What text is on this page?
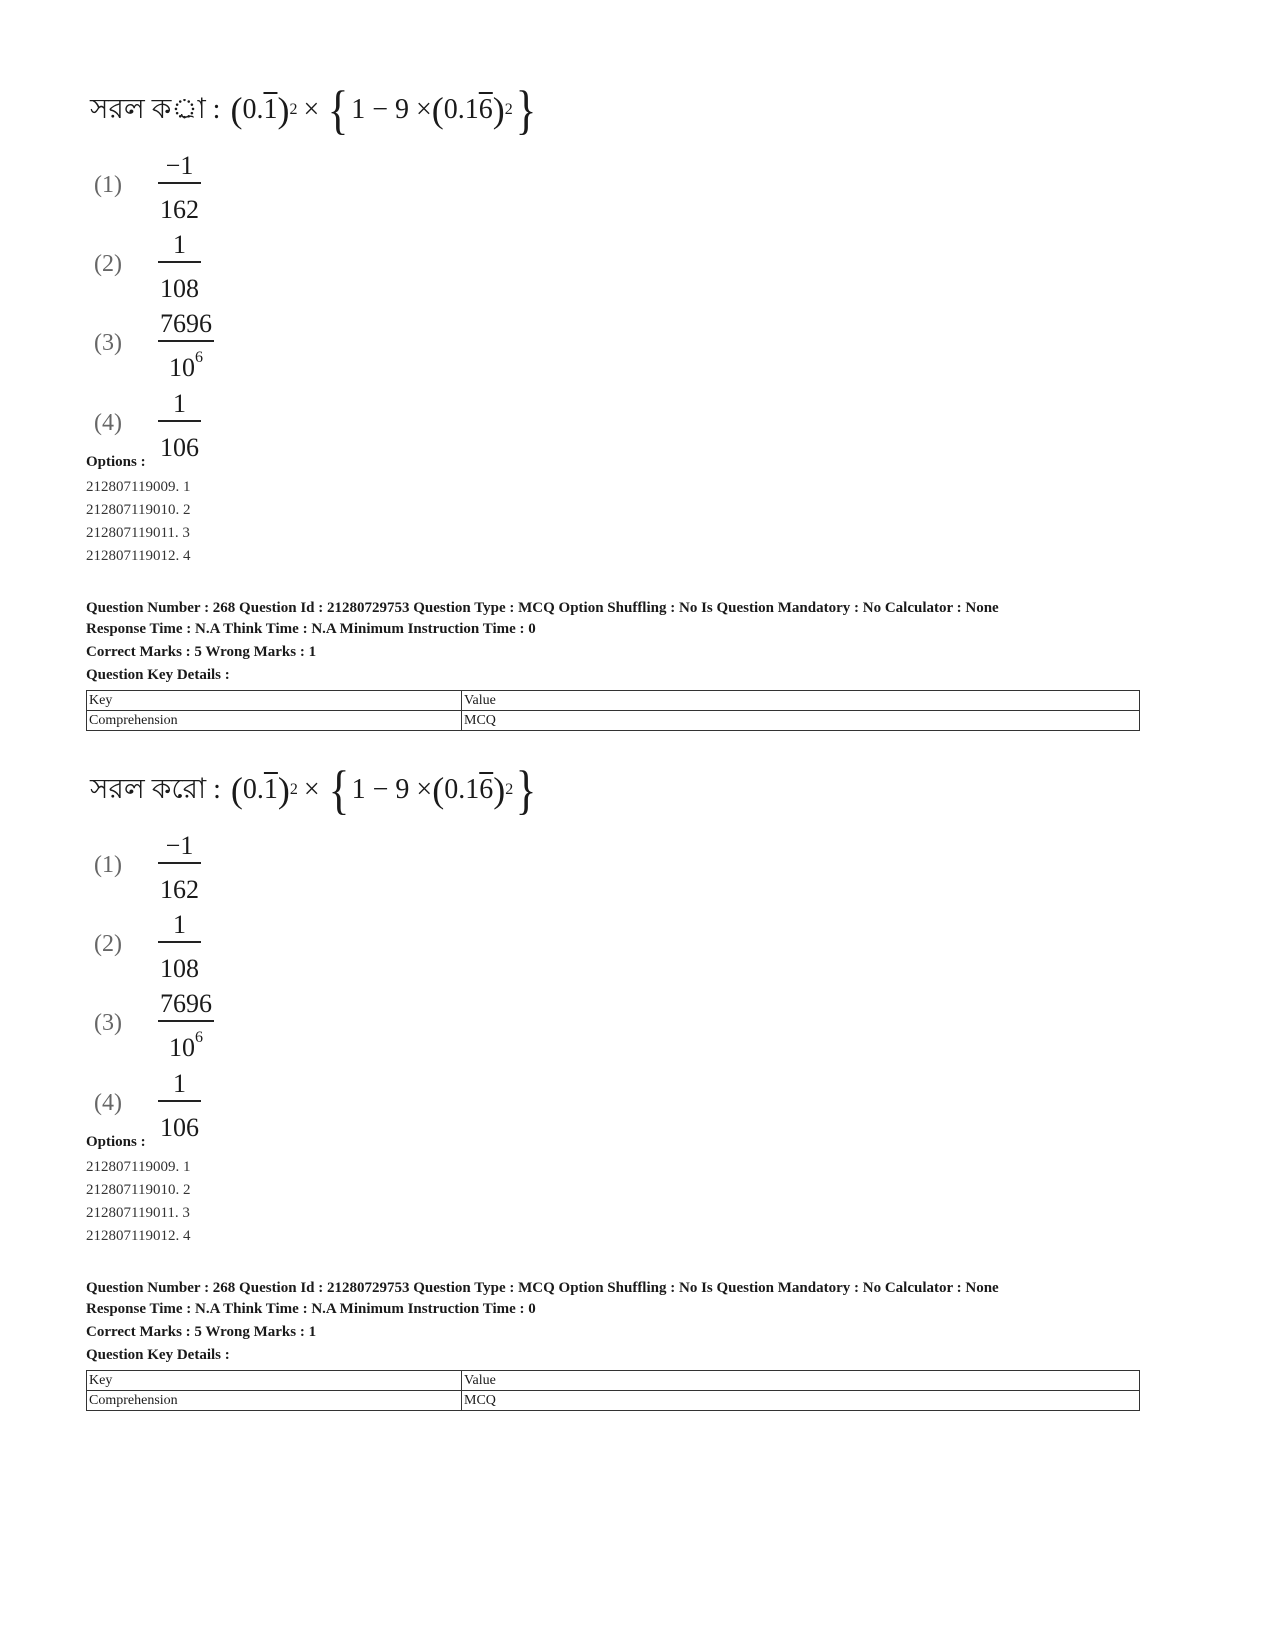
সরল কর্া : ( 0. 1 ) 2 × { 1 − 9 × ( 0.1 6 ) 2 }
(1)
−1
162
(2)
1
108
(3)
7696
$10^6$
(4)
1
106
Options :
212807119009. 1
212807119010. 2
212807119011. 3
212807119012. 4
Question Number : 268 Question Id : 21280729753 Question Type : MCQ Option Shuffling : No Is Question Mandatory : No Calculator : None
Response Time : N.A Think Time : N.A Minimum Instruction Time : 0
Correct Marks : 5 Wrong Marks : 1
Question Key Details :
Key	Value
Comprehension	MCQ
সরল করো : ( 0. 1 ) 2 × { 1 − 9 × ( 0.1 6 ) 2 }
(1)
−1
162
(2)
1
108
(3)
7696
$10^6$
(4)
1
106
Options :
212807119009. 1
212807119010. 2
212807119011. 3
212807119012. 4
Question Number : 268 Question Id : 21280729753 Question Type : MCQ Option Shuffling : No Is Question Mandatory : No Calculator : None
Response Time : N.A Think Time : N.A Minimum Instruction Time : 0
Correct Marks : 5 Wrong Marks : 1
Question Key Details :
Key	Value
Comprehension	MCQ
